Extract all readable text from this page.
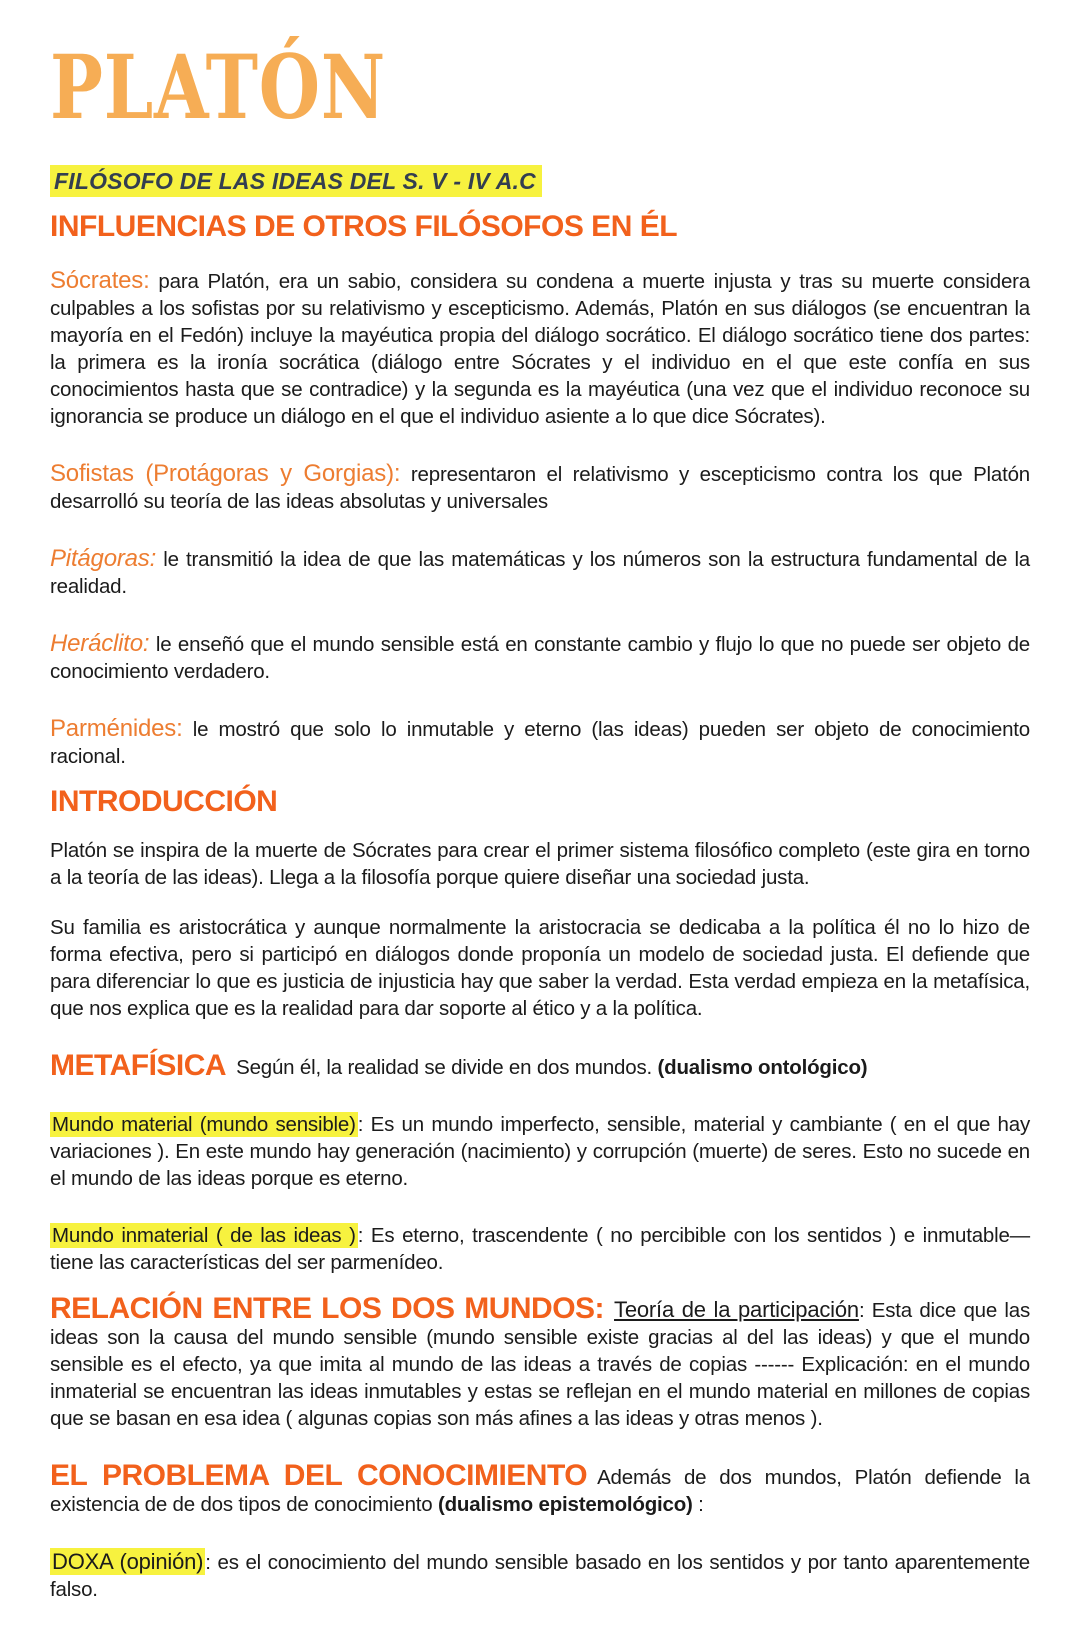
PLATÓN
FILÓSOFO DE LAS IDEAS DEL S. V - IV A.C
INFLUENCIAS DE OTROS FILÓSOFOS EN ÉL

Sócrates: para Platón, era un sabio, considera su condena a muerte injusta y tras su muerte considera culpables a los sofistas por su relativismo y escepticismo. Además, Platón en sus diálogos (se encuentran la mayoría en el Fedón) incluye la mayéutica propia del diálogo socrático. El diálogo socrático tiene dos partes: la primera es la ironía socrática (diálogo entre Sócrates y el individuo en el que este confía en sus conocimientos hasta que se contradice) y la segunda es la mayéutica (una vez que el individuo reconoce su ignorancia se produce un diálogo en el que el individuo asiente a lo que dice Sócrates).

Sofistas (Protágoras y Gorgias): representaron el relativismo y escepticismo contra los que Platón desarrolló su teoría de las ideas absolutas y universales

Pitágoras: le transmitió la idea de que las matemáticas y los números son la estructura fundamental de la realidad.

Heráclito: le enseñó que el mundo sensible está en constante cambio y flujo lo que no puede ser objeto de conocimiento verdadero.

Parménides: le mostró que solo lo inmutable y eterno (las ideas) pueden ser objeto de conocimiento racional.

INTRODUCCIÓN

Platón se inspira de la muerte de Sócrates para crear el primer sistema filosófico completo (este gira en torno a la teoría de las ideas). Llega a la filosofía porque quiere diseñar una sociedad justa.

Su familia es aristocrática y aunque normalmente la aristocracia se dedicaba a la política él no lo hizo de forma efectiva, pero si participó en diálogos donde proponía un modelo de sociedad justa. El defiende que para diferenciar lo que es justicia de injusticia hay que saber la verdad. Esta verdad empieza en la metafísica, que nos explica que es la realidad para dar soporte al ético y a la política.

METAFÍSICA Según él, la realidad se divide en dos mundos. (dualismo ontológico)

Mundo material (mundo sensible): Es un mundo imperfecto, sensible, material y cambiante ( en el que hay variaciones ). En este mundo hay generación (nacimiento) y corrupción (muerte) de seres. Esto no sucede en el mundo de las ideas porque es eterno.

Mundo inmaterial ( de las ideas ): Es eterno, trascendente ( no percibible con los sentidos ) e inmutable— tiene las características del ser parmenídeo.

RELACIÓN ENTRE LOS DOS MUNDOS: Teoría de la participación: Esta dice que las ideas son la causa del mundo sensible (mundo sensible existe gracias al del las ideas) y que el mundo sensible es el efecto, ya que imita al mundo de las ideas a través de copias ------ Explicación: en el mundo inmaterial se encuentran las ideas inmutables y estas se reflejan en el mundo material en millones de copias que se basan en esa idea ( algunas copias son más afines a las ideas y otras menos ).

EL PROBLEMA DEL CONOCIMIENTO Además de dos mundos, Platón defiende la existencia de de dos tipos de conocimiento (dualismo epistemológico) :

DOXA (opinión): es el conocimiento del mundo sensible basado en los sentidos y por tanto aparentemente falso.
